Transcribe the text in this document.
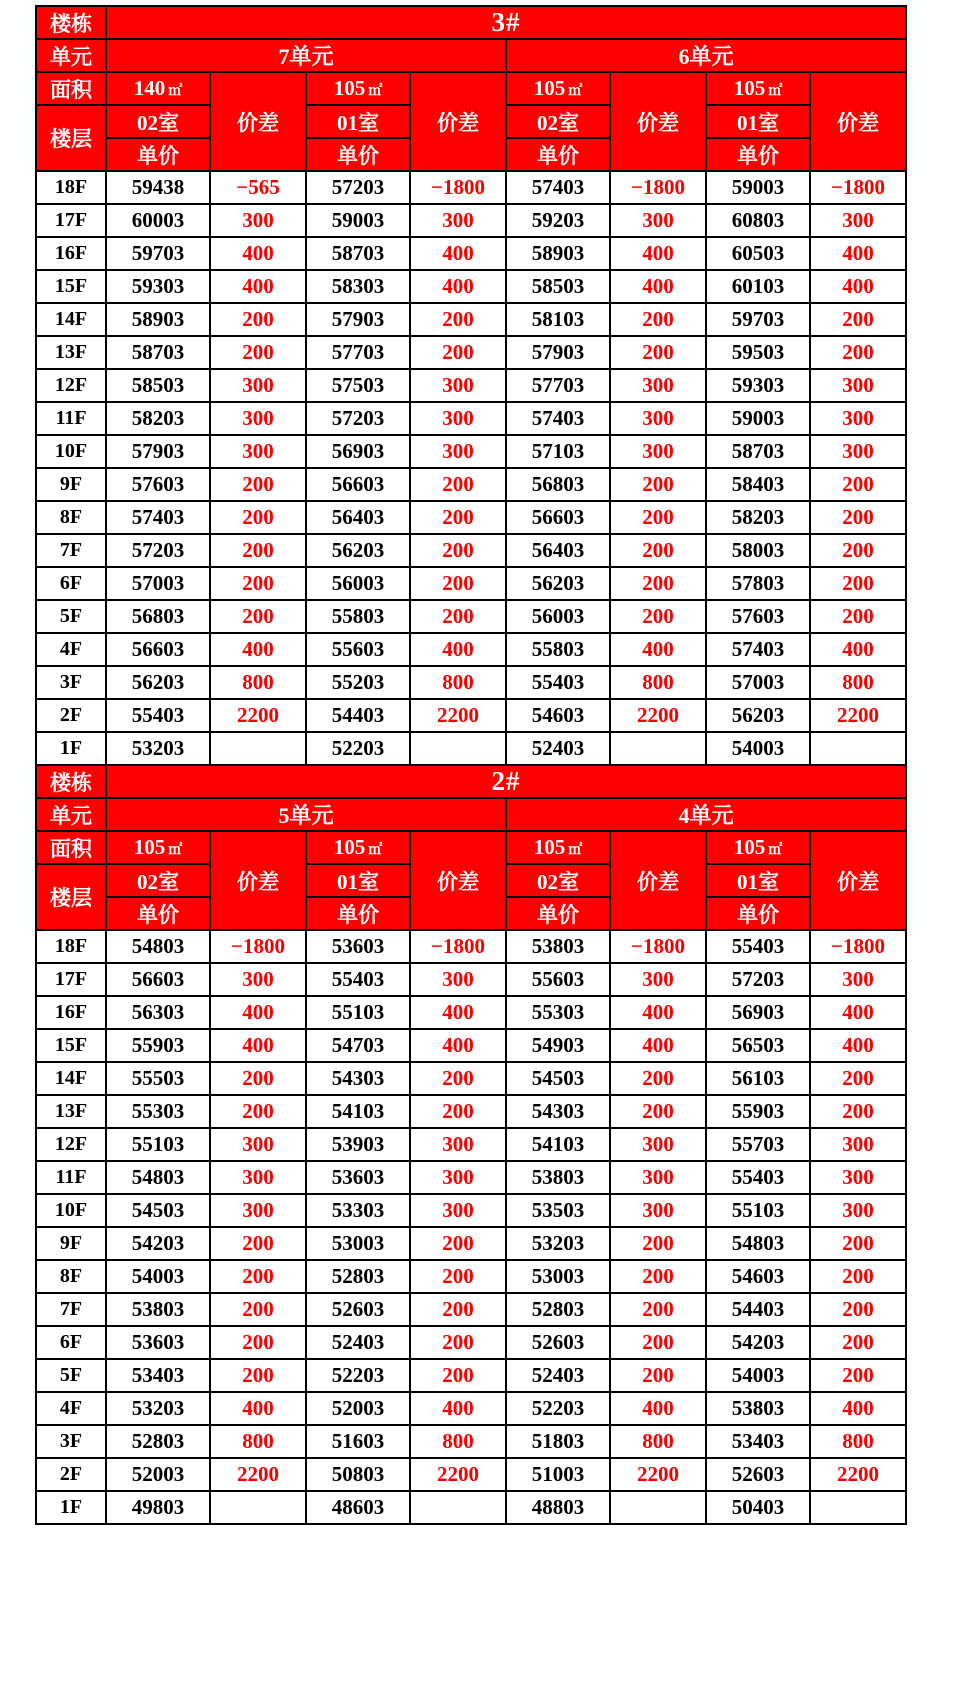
楼栋	3#							
单元	7单元				6单元			
面积	140 ㎡	价差	105 ㎡	价差	105 ㎡	价差	105 ㎡	价差
楼层	02室		01室		02室		01室	
	单价		单价		单价		单价	
18F	59438	−565	57203	−1800	57403	−1800	59003	−1800
17F	60003	300	59003	300	59203	300	60803	300
16F	59703	400	58703	400	58903	400	60503	400
15F	59303	400	58303	400	58503	400	60103	400
14F	58903	200	57903	200	58103	200	59703	200
13F	58703	200	57703	200	57903	200	59503	200
12F	58503	300	57503	300	57703	300	59303	300
11F	58203	300	57203	300	57403	300	59003	300
10F	57903	300	56903	300	57103	300	58703	300
9F	57603	200	56603	200	56803	200	58403	200
8F	57403	200	56403	200	56603	200	58203	200
7F	57203	200	56203	200	56403	200	58003	200
6F	57003	200	56003	200	56203	200	57803	200
5F	56803	200	55803	200	56003	200	57603	200
4F	56603	400	55603	400	55803	400	57403	400
3F	56203	800	55203	800	55403	800	57003	800
2F	55403	2200	54403	2200	54603	2200	56203	2200
1F	53203		52203		52403		54003	
楼栋	2#							
单元	5单元				4单元			
面积	105 ㎡	价差	105 ㎡	价差	105 ㎡	价差	105 ㎡	价差
楼层	02室		01室		02室		01室	
	单价		单价		单价		单价	
18F	54803	−1800	53603	−1800	53803	−1800	55403	−1800
17F	56603	300	55403	300	55603	300	57203	300
16F	56303	400	55103	400	55303	400	56903	400
15F	55903	400	54703	400	54903	400	56503	400
14F	55503	200	54303	200	54503	200	56103	200
13F	55303	200	54103	200	54303	200	55903	200
12F	55103	300	53903	300	54103	300	55703	300
11F	54803	300	53603	300	53803	300	55403	300
10F	54503	300	53303	300	53503	300	55103	300
9F	54203	200	53003	200	53203	200	54803	200
8F	54003	200	52803	200	53003	200	54603	200
7F	53803	200	52603	200	52803	200	54403	200
6F	53603	200	52403	200	52603	200	54203	200
5F	53403	200	52203	200	52403	200	54003	200
4F	53203	400	52003	400	52203	400	53803	400
3F	52803	800	51603	800	51803	800	53403	800
2F	52003	2200	50803	2200	51003	2200	52603	2200
1F	49803		48603		48803		50403	
